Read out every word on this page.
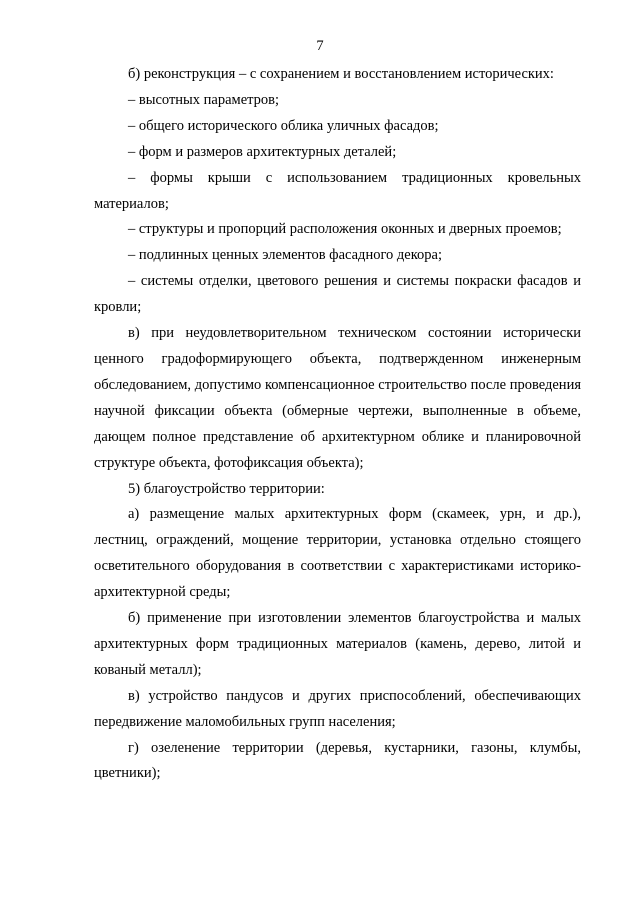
7

б) реконструкция – с сохранением и восстановлением исторических:

– высотных параметров;

– общего исторического облика уличных фасадов;

– форм и размеров архитектурных деталей;

– формы крыши с использованием традиционных кровельных материалов;

– структуры и пропорций расположения оконных и дверных проемов;

– подлинных ценных элементов фасадного декора;

– системы отделки, цветового решения и системы покраски фасадов и кровли;

в) при неудовлетворительном техническом состоянии исторически ценного градоформирующего объекта, подтвержденном инженерным обследованием, допустимо компенсационное строительство после проведения научной фиксации объекта (обмерные чертежи, выполненные в объеме, дающем полное представление об архитектурном облике и планировочной структуре объекта, фотофиксация объекта);

5) благоустройство территории:

а) размещение малых архитектурных форм (скамеек, урн, и др.), лестниц, ограждений, мощение территории, установка отдельно стоящего осветительного оборудования в соответствии с характеристиками историко-архитектурной среды;

б) применение при изготовлении элементов благоустройства и малых архитектурных форм традиционных материалов (камень, дерево, литой и кованый металл);

в) устройство пандусов и других приспособлений, обеспечивающих передвижение маломобильных групп населения;

г) озеленение территории (деревья, кустарники, газоны, клумбы, цветники);
